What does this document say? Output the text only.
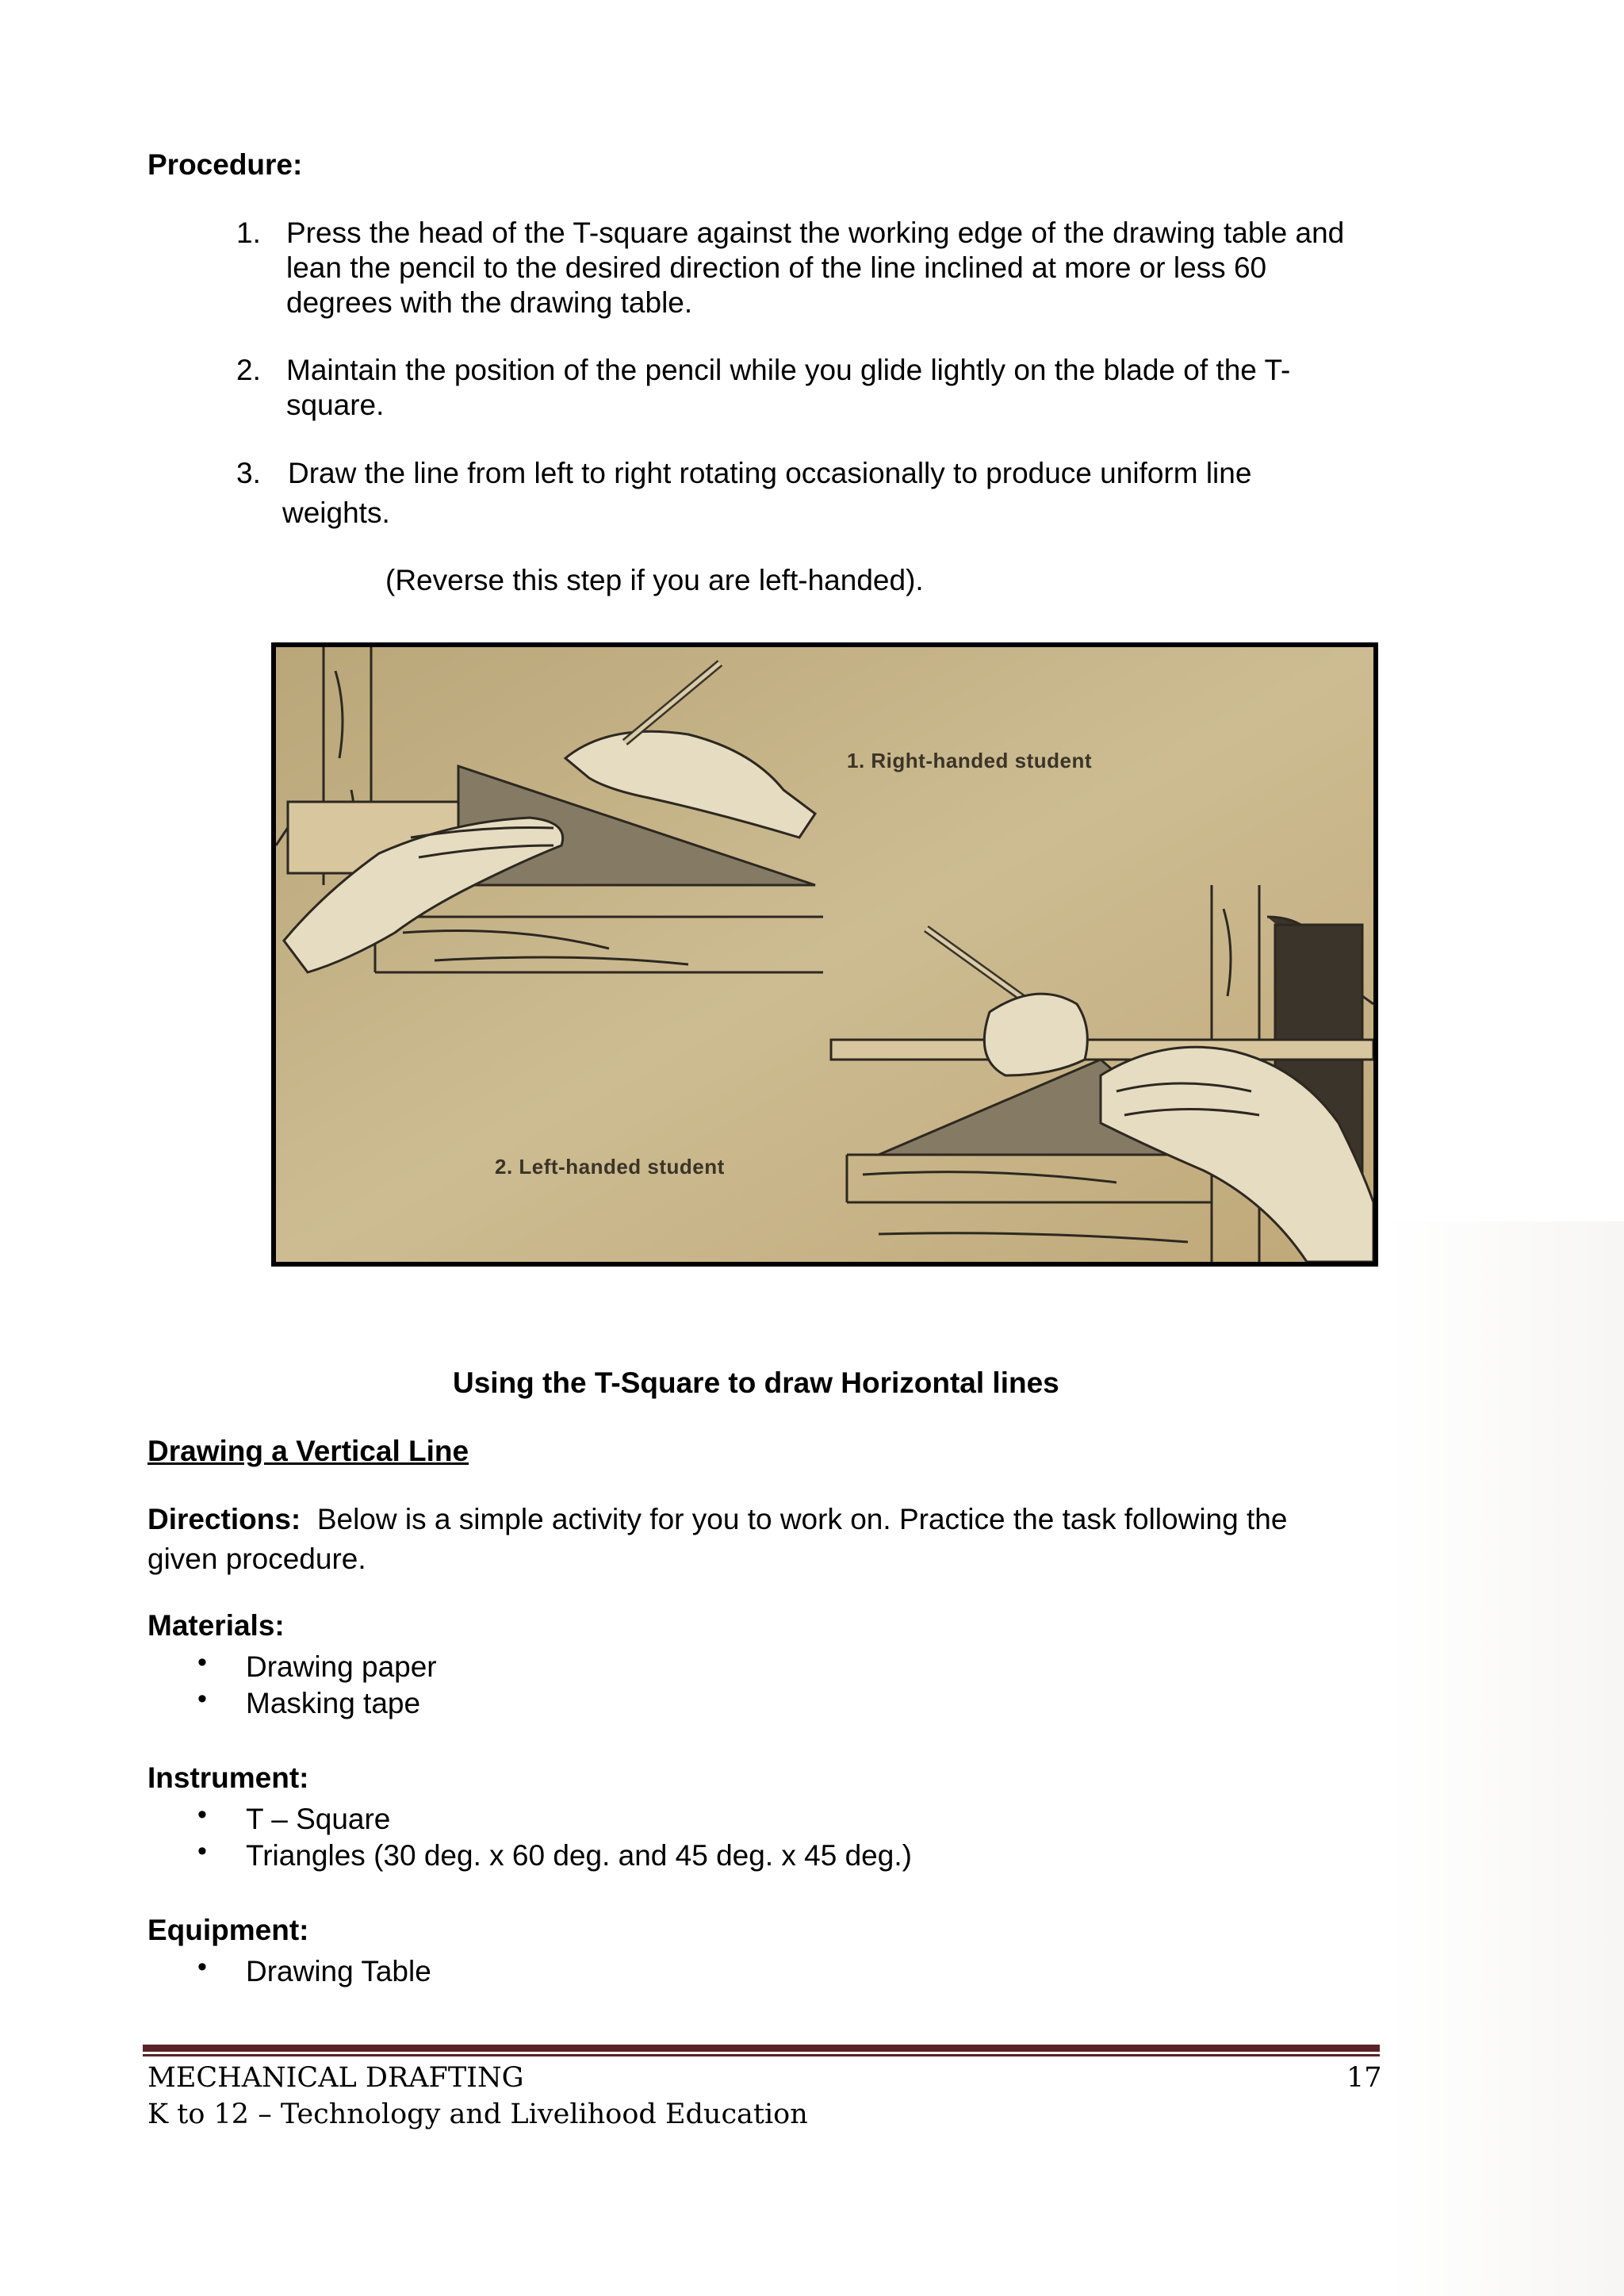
Procedure:
1. Press the head of the T-square against the working edge of the drawing table and
lean the pencil to the desired direction of the line inclined at more or less 60
degrees with the drawing table.
2. Maintain the position of the pencil while you glide lightly on the blade of the T-
square.
3. Draw the line from left to right rotating occasionally to produce uniform line
weights.
(Reverse this step if you are left-handed).
1. Right-handed student
2. Left-handed student
Using the T-Square to draw Horizontal lines
Drawing a Vertical Line
Directions: Below is a simple activity for you to work on. Practice the task following the
given procedure.
Materials:
• Drawing paper
• Masking tape
Instrument:
• T – Square
• Triangles (30 deg. x 60 deg. and 45 deg. x 45 deg.)
Equipment:
• Drawing Table
MECHANICAL DRAFTING	17
K to 12 – Technology and Livelihood Education
